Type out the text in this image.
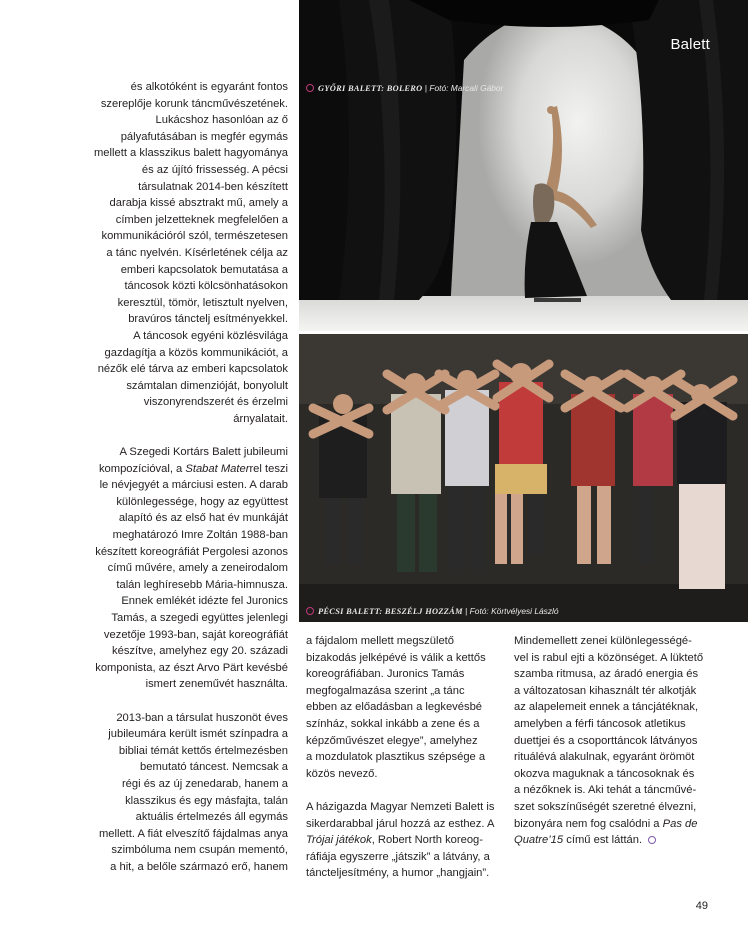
Balett
GYŐRI BALETT: BOLERO | Fotó: Marcali Gábor
PÉCSI BALETT: BESZÉLJ HOZZÁM | Fotó: Körtvélyesi László

és alkotóként is egyaránt fontos
szereplője korunk táncművészetének.
Lukácshoz hasonlóan az ő
pályafutásában is megfér egymás
mellett a klasszikus balett hagyománya
és az újító frissesség. A pécsi
társulatnak 2014-ben készített
darabja kissé absztrakt mű, amely a
címben jelzetteknek megfelelően a
kommunikációról szól, természetesen
a tánc nyelvén. Kísérletének célja az
emberi kapcsolatok bemutatása a
táncosok közti kölcsönhatásokon
keresztül, tömör, letisztult nyelven,
bravúros tánctelj esítményekkel.
A táncosok egyéni közlésvilága
gazdagítja a közös kommunikációt, a
nézők elé tárva az emberi kapcsolatok
számtalan dimenzióját, bonyolult
viszonyrendszerét és érzelmi
árnyalatait.

A Szegedi Kortárs Balett jubileumi
kompozícióval, a Stabat Materrel teszi
le névjegyét a márciusi esten. A darab
különlegessége, hogy az együttest
alapító és az első hat év munkáját
meghatározó Imre Zoltán 1988-ban
készített koreográfiát Pergolesi azonos
című művére, amely a zeneirodalom
talán leghíresebb Mária-himnusza.
Ennek emlékét idézte fel Juronics
Tamás, a szegedi együttes jelenlegi
vezetője 1993-ban, saját koreográfiát
készítve, amelyhez egy 20. századi
komponista, az észt Arvo Pärt kevésbé
ismert zeneművét használta.

2013-ban a társulat huszonöt éves
jubileumára került ismét színpadra a
bibliai témát kettős értelmezésben
bemutató táncest. Nemcsak a
régi és az új zenedarab, hanem a
klasszikus és egy másfajta, talán
aktuális értelmezés áll egymás
mellett. A fiát elveszítő fájdalmas anya
szimbóluma nem csupán mementó,
a hit, a belőle származó erő, hanem

a fájdalom mellett megszülető
bizakodás jelképévé is válik a kettős
koreográfiában. Juronics Tamás
megfogalmazása szerint „a tánc
ebben az előadásban a legkevésbé
színház, sokkal inkább a zene és a
képzőművészet elegye”, amelyhez
a mozdulatok plasztikus szépsége a
közös nevező.

A házigazda Magyar Nemzeti Balett is
sikerdarabbal járul hozzá az esthez. A
Trójai játékok, Robert North koreog-
ráfiája egyszerre „játszik” a látvány, a
táncteljesítmény, a humor „hangjain”.

Mindemellett zenei különlegességé-
vel is rabul ejti a közönséget. A lüktető
szamba ritmusa, az áradó energia és
a változatosan kihasznált tér alkotják
az alapelemeit ennek a táncjátéknak,
amelyben a férfi táncosok atletikus
duettjei és a csoporttáncok látványos
rituálévá alakulnak, egyaránt örömöt
okozva maguknak a táncosoknak és
a nézőknek is. Aki tehát a táncművé-
szet sokszínűségét szeretné élvezni,
bizonyára nem fog csalódni a Pas de
Quatre’15 című est láttán.

49
